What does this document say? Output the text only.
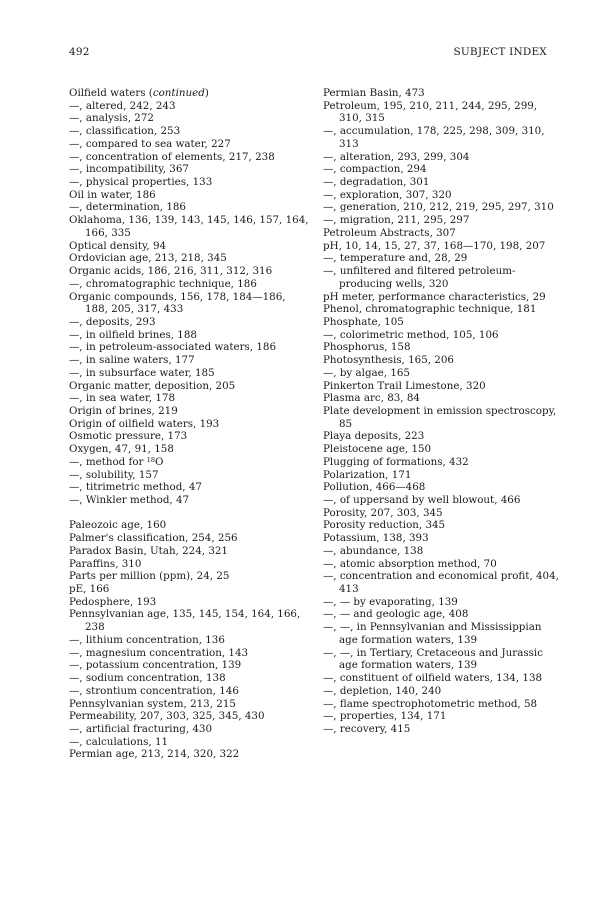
492	SUBJECT INDEX
Oilfield waters (continued)
—, altered, 242, 243
—, analysis, 272
—, classification, 253
—, compared to sea water, 227
—, concentration of elements, 217, 238
—, incompatibility, 367
—, physical properties, 133
Oil in water, 186
—, determination, 186
Oklahoma, 136, 139, 143, 145, 146, 157, 164, 166, 335
Optical density, 94
Ordovician age, 213, 218, 345
Organic acids, 186, 216, 311, 312, 316
—, chromatographic technique, 186
Organic compounds, 156, 178, 184—186, 188, 205, 317, 433
—, deposits, 293
—, in oilfield brines, 188
—, in petroleum-associated waters, 186
—, in saline waters, 177
—, in subsurface water, 185
Organic matter, deposition, 205
—, in sea water, 178
Origin of brines, 219
Origin of oilfield waters, 193
Osmotic pressure, 173
Oxygen, 47, 91, 158
—, method for $^{18}$O
—, solubility, 157
—, titrimetric method, 47
—, Winkler method, 47
Paleozoic age, 160
Palmer's classification, 254, 256
Paradox Basin, Utah, 224, 321
Paraffins, 310
Parts per million (ppm), 24, 25
pE, 166
Pedosphere, 193
Pennsylvanian age, 135, 145, 154, 164, 166, 238
—, lithium concentration, 136
—, magnesium concentration, 143
—, potassium concentration, 139
—, sodium concentration, 138
—, strontium concentration, 146
Pennsylvanian system, 213, 215
Permeability, 207, 303, 325, 345, 430
—, artificial fracturing, 430
—, calculations, 11
Permian age, 213, 214, 320, 322
Permian Basin, 473
Petroleum, 195, 210, 211, 244, 295, 299, 310, 315
—, accumulation, 178, 225, 298, 309, 310, 313
—, alteration, 293, 299, 304
—, compaction, 294
—, degradation, 301
—, exploration, 307, 320
—, generation, 210, 212, 219, 295, 297, 310
—, migration, 211, 295, 297
Petroleum Abstracts, 307
pH, 10, 14, 15, 27, 37, 168—170, 198, 207
—, temperature and, 28, 29
—, unfiltered and filtered petroleum-producing wells, 320
pH meter, performance characteristics, 29
Phenol, chromatographic technique, 181
Phosphate, 105
—, colorimetric method, 105, 106
Phosphorus, 158
Photosynthesis, 165, 206
—, by algae, 165
Pinkerton Trail Limestone, 320
Plasma arc, 83, 84
Plate development in emission spectroscopy, 85
Playa deposits, 223
Pleistocene age, 150
Plugging of formations, 432
Polarization, 171
Pollution, 466—468
—, of uppersand by well blowout, 466
Porosity, 207, 303, 345
Porosity reduction, 345
Potassium, 138, 393
—, abundance, 138
—, atomic absorption method, 70
—, concentration and economical profit, 404, 413
—, — by evaporating, 139
—, — and geologic age, 408
—, —, in Pennsylvanian and Mississippian age formation waters, 139
—, —, in Tertiary, Cretaceous and Jurassic age formation waters, 139
—, constituent of oilfield waters, 134, 138
—, depletion, 140, 240
—, flame spectrophotometric method, 58
—, properties, 134, 171
—, recovery, 415
